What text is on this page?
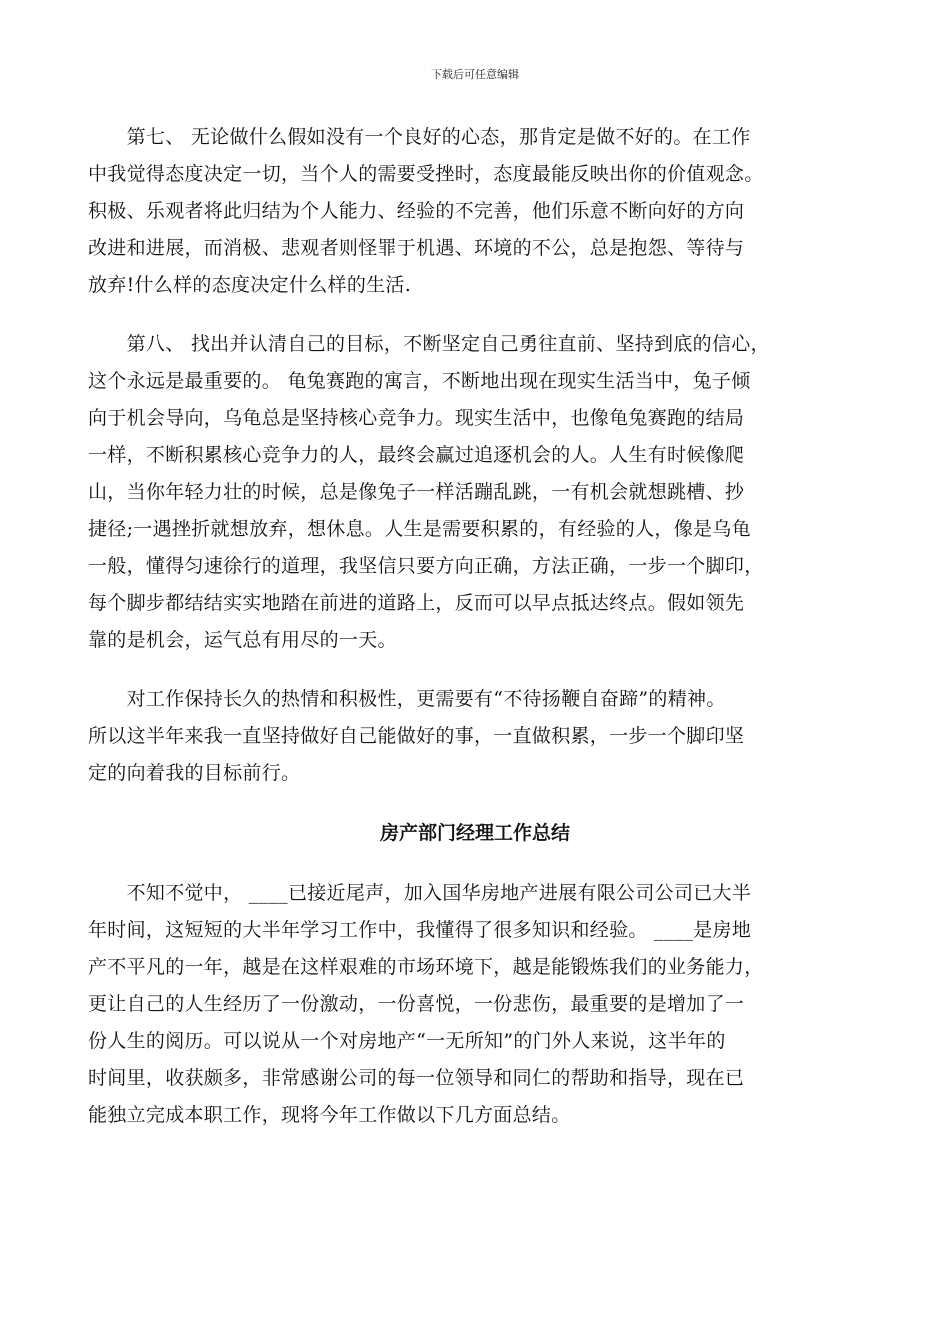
下载后可任意编辑
　　第七、 无论做什么假如没有一个良好的心态，那肯定是做不好的。在工作
中我觉得态度决定一切，当个人的需要受挫时，态度最能反映出你的价值观念。
积极、乐观者将此归结为个人能力、经验的不完善，他们乐意不断向好的方向
改进和进展，而消极、悲观者则怪罪于机遇、环境的不公，总是抱怨、等待与
放弃!什么样的态度决定什么样的生活.
　　第八、 找出并认清自己的目标，不断坚定自己勇往直前、坚持到底的信心，
这个永远是最重要的。 龟兔赛跑的寓言，不断地出现在现实生活当中，兔子倾
向于机会导向，乌龟总是坚持核心竞争力。现实生活中，也像龟兔赛跑的结局
一样，不断积累核心竞争力的人，最终会赢过追逐机会的人。人生有时候像爬
山，当你年轻力壮的时候，总是像兔子一样活蹦乱跳，一有机会就想跳槽、抄
捷径;一遇挫折就想放弃，想休息。人生是需要积累的，有经验的人，像是乌龟
一般，懂得匀速徐行的道理，我坚信只要方向正确，方法正确，一步一个脚印，
每个脚步都结结实实地踏在前进的道路上，反而可以早点抵达终点。假如领先
靠的是机会，运气总有用尽的一天。
　　对工作保持长久的热情和积极性，更需要有“不待扬鞭自奋蹄”的精神。
所以这半年来我一直坚持做好自己能做好的事，一直做积累，一步一个脚印坚
定的向着我的目标前行。
房产部门经理工作总结
　　不知不觉中， ____已接近尾声，加入国华房地产进展有限公司公司已大半
年时间，这短短的大半年学习工作中，我懂得了很多知识和经验。 ____是房地
产不平凡的一年，越是在这样艰难的市场环境下，越是能锻炼我们的业务能力，
更让自己的人生经历了一份激动，一份喜悦，一份悲伤，最重要的是增加了一
份人生的阅历。可以说从一个对房地产“一无所知”的门外人来说，这半年的
时间里，收获颇多，非常感谢公司的每一位领导和同仁的帮助和指导，现在已
能独立完成本职工作，现将今年工作做以下几方面总结。
